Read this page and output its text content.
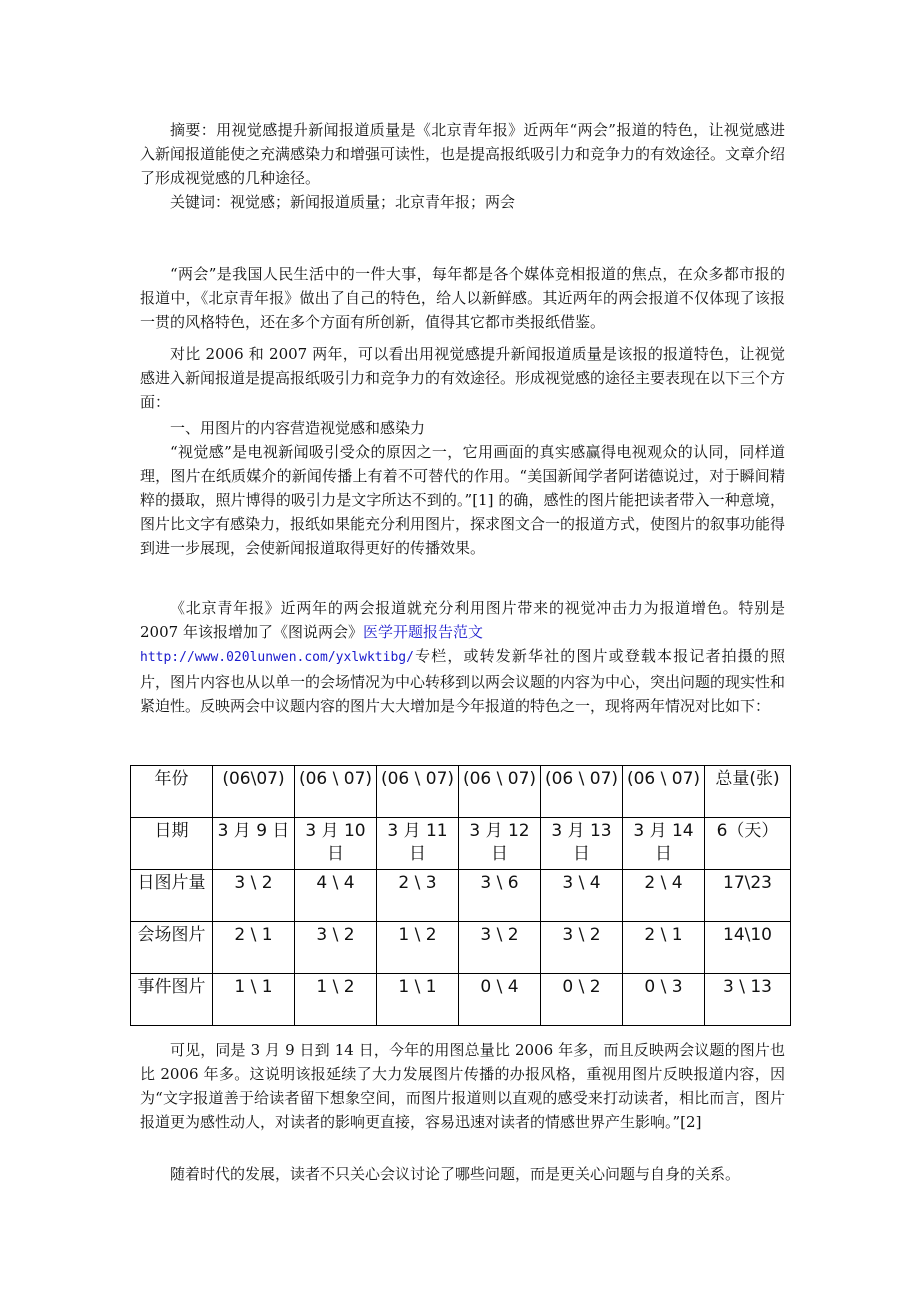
摘要：用视觉感提升新闻报道质量是《北京青年报》近两年“两会”报道的特色，让视觉感进入新闻报道能使之充满感染力和增强可读性，也是提高报纸吸引力和竞争力的有效途径。文章介绍了形成视觉感的几种途径。

关键词：视觉感；新闻报道质量；北京青年报；两会

“两会”是我国人民生活中的一件大事，每年都是各个媒体竞相报道的焦点，在众多都市报的报道中，《北京青年报》做出了自己的特色，给人以新鲜感。其近两年的两会报道不仅体现了该报一贯的风格特色，还在多个方面有所创新，值得其它都市类报纸借鉴。

对比 2006 和 2007 两年，可以看出用视觉感提升新闻报道质量是该报的报道特色，让视觉感进入新闻报道是提高报纸吸引力和竞争力的有效途径。形成视觉感的途径主要表现在以下三个方面：

一、用图片的内容营造视觉感和感染力

“视觉感”是电视新闻吸引受众的原因之一，它用画面的真实感赢得电视观众的认同，同样道理，图片在纸质媒介的新闻传播上有着不可替代的作用。“美国新闻学者阿诺德说过，对于瞬间精粹的摄取，照片博得的吸引力是文字所达不到的。”[1] 的确，感性的图片能把读者带入一种意境，图片比文字有感染力，报纸如果能充分利用图片，探求图文合一的报道方式，使图片的叙事功能得到进一步展现，会使新闻报道取得更好的传播效果。

《北京青年报》近两年的两会报道就充分利用图片带来的视觉冲击力为报道增色。特别是 2007 年该报增加了《图说两会》医学开题报告范文
http://www.020lunwen.com/yxlwktibg/专栏，或转发新华社的图片或登载本报记者拍摄的照片，图片内容也从以单一的会场情况为中心转移到以两会议题的内容为中心，突出问题的现实性和紧迫性。反映两会中议题内容的图片大大增加是今年报道的特色之一，现将两年情况对比如下：

年份	(06\07)	(06 \ 07)	(06 \ 07)	(06 \ 07)	(06 \ 07)	(06 \ 07)	总量(张)
日期	3 月 9 日	3 月 10 日	3 月 11 日	3 月 12 日	3 月 13 日	3 月 14 日	6（天）
日图片量	3 \ 2	4 \ 4	2 \ 3	3 \ 6	3 \ 4	2 \ 4	17\23
会场图片	2 \ 1	3 \ 2	1 \ 2	3 \ 2	3 \ 2	2 \ 1	14\10
事件图片	1 \ 1	1 \ 2	1 \ 1	0 \ 4	0 \ 2	0 \ 3	3 \ 13

可见，同是 3 月 9 日到 14 日，今年的用图总量比 2006 年多，而且反映两会议题的图片也比 2006 年多。这说明该报延续了大力发展图片传播的办报风格，重视用图片反映报道内容，因为“文字报道善于给读者留下想象空间，而图片报道则以直观的感受来打动读者，相比而言，图片报道更为感性动人，对读者的影响更直接，容易迅速对读者的情感世界产生影响。”[2]

随着时代的发展，读者不只关心会议讨论了哪些问题，而是更关心问题与自身的关系。
